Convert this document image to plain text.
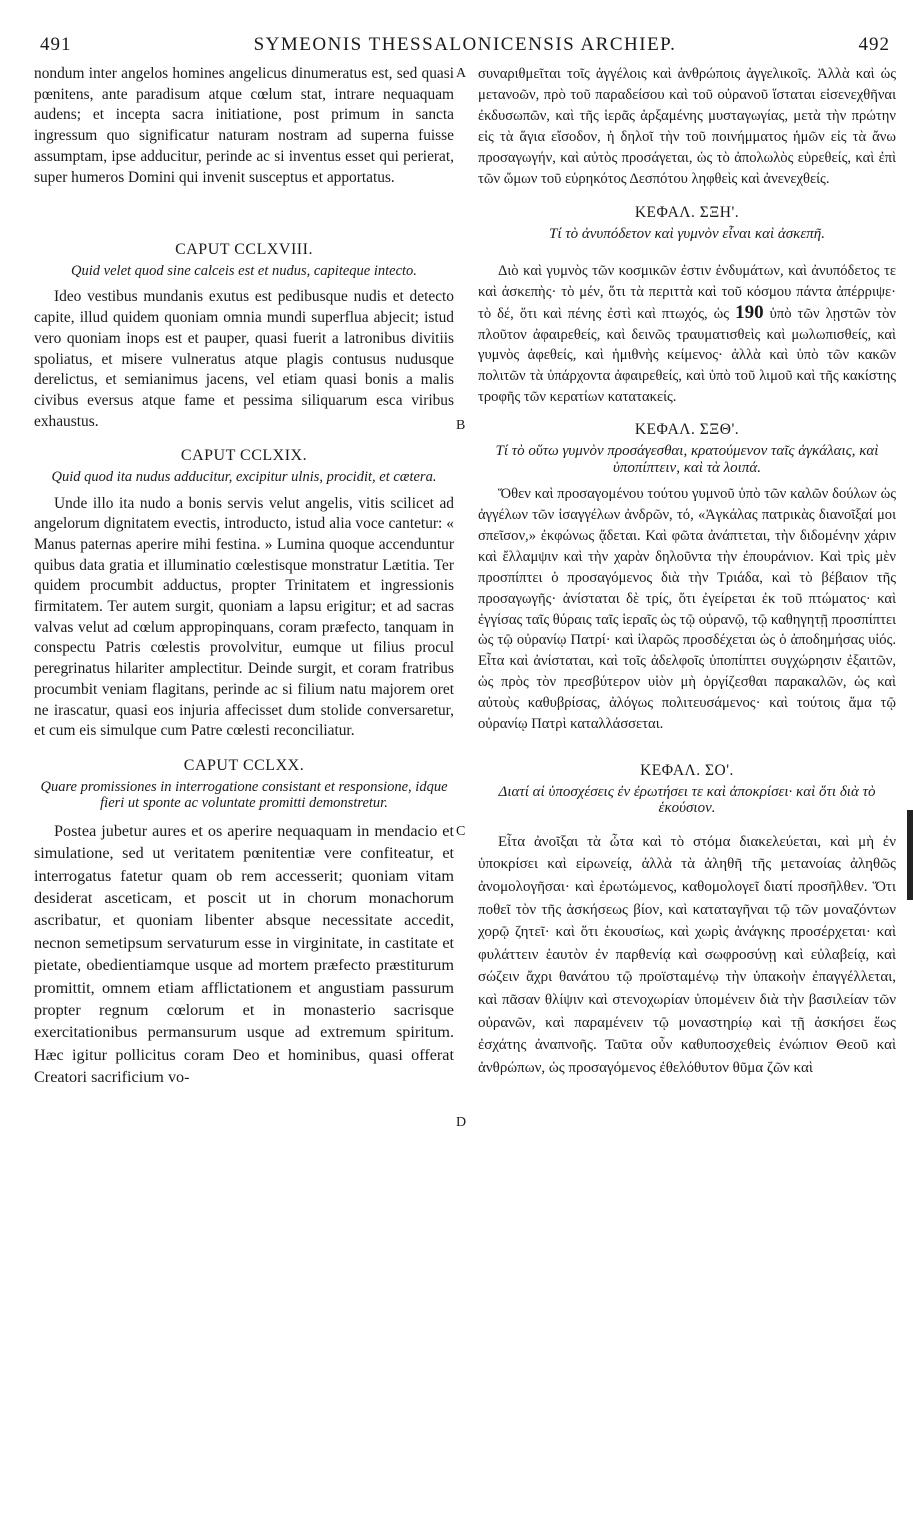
491	SYMEONIS THESSALONICENSIS ARCHIEP.	492
A
B
C
D

nondum inter angelos homines angelicus dinumeratus est, sed quasi pœnitens, ante paradisum atque cœlum stat, intrare nequaquam audens; et incepta sacra initiatione, post primum in sancta ingressum quo significatur naturam nostram ad superna fuisse assumptam, ipse adducitur, perinde ac si inventus esset qui perierat, super humeros Domini qui invenit susceptus et apportatus.

CAPUT CCLXVIII.
Quid velet quod sine calceis est et nudus, capiteque intecto.

Ideo vestibus mundanis exutus est pedibusque nudis et detecto capite, illud quidem quoniam omnia mundi superflua abjecit; istud vero quoniam inops est et pauper, quasi fuerit a latronibus divitiis spoliatus, et misere vulneratus atque plagis contusus nudusque derelictus, et semianimus jacens, vel etiam quasi bonis a malis civibus eversus atque fame et pessima siliquarum esca viribus exhaustus.

CAPUT CCLXIX.
Quid quod ita nudus adducitur, excipitur ulnis, procidit, et cætera.

Unde illo ita nudo a bonis servis velut angelis, vitis scilicet ad angelorum dignitatem evectis, introducto, istud alia voce cantetur: « Manus paternas aperire mihi festina. » Lumina quoque accenduntur quibus data gratia et illuminatio cœlestisque monstratur Lætitia. Ter quidem procumbit adductus, propter Trinitatem et ingressionis firmitatem. Ter autem surgit, quoniam a lapsu erigitur; et ad sacras valvas velut ad cœlum appropinquans, coram præfecto, tanquam in conspectu Patris cœlestis provolvitur, eumque ut filius procul peregrinatus hilariter amplectitur. Deinde surgit, et coram fratribus procumbit veniam flagitans, perinde ac si filium natu majorem oret ne irascatur, quasi eos injuria affecisset dum stolide conversaretur, et cum eis simulque cum Patre cœlesti reconciliatur.

CAPUT CCLXX.
Quare promissiones in interrogatione consistant et responsione, idque fieri ut sponte ac voluntate promitti demonstretur.

Postea jubetur aures et os aperire nequaquam in mendacio et simulatione, sed ut veritatem pœnitentiæ vere confiteatur, et interrogatus fatetur quam ob rem accesserit; quoniam vitam desiderat asceticam, et poscit ut in chorum monachorum ascribatur, et quoniam libenter absque necessitate accedit, necnon semetipsum servaturum esse in virginitate, in castitate et pietate, obedientiamque usque ad mortem præfecto præstiturum promittit, omnem etiam afflictationem et angustiam passurum propter regnum cœlorum et in monasterio sacrisque exercitationibus permansurum usque ad extremum spiritum. Hæc igitur pollicitus coram Deo et hominibus, quasi offerat Creatori sacrificium vo-

συναριθμεῖται τοῖς ἀγγέλοις καὶ ἀνθρώποις ἀγγελικοῖς. Ἀλλὰ καὶ ὡς μετανοῶν, πρὸ τοῦ παραδείσου καὶ τοῦ οὐρανοῦ ἵσταται εἰσενεχθῆναι ἐκδυσωπῶν, καὶ τῆς ἱερᾶς ἀρξαμένης μυσταγωγίας, μετὰ τὴν πρώτην εἰς τὰ ἅγια εἴσοδον, ἡ δηλοῖ τὴν τοῦ ποινήμματος ἡμῶν εἰς τὰ ἄνω προσαγωγήν, καὶ αὐτὸς προσάγεται, ὡς τὸ ἀπολωλὸς εὑρεθείς, καὶ ἐπὶ τῶν ὤμων τοῦ εὑρηκότος Δεσπότου ληφθεὶς καὶ ἀνενεχθείς.

ΚΕΦΑΛ. ΣΞΗ'.
Τί τὸ ἀνυπόδετον καὶ γυμνὸν εἶναι καὶ ἀσκεπῆ.

Διὸ καὶ γυμνὸς τῶν κοσμικῶν ἐστιν ἐνδυμάτων, καὶ ἀνυπόδετος τε καὶ ἀσκεπὴς· τὸ μέν, ὅτι τὰ περιττὰ καὶ τοῦ κόσμου πάντα ἀπέρριψε· τὸ δέ, ὅτι καὶ πένης ἐστὶ καὶ πτωχός, ὡς 190 ὑπὸ τῶν λῃστῶν τὸν πλοῦτον ἀφαιρεθείς, καὶ δεινῶς τραυματισθεὶς καὶ μωλωπισθείς, καὶ γυμνὸς ἀφεθείς, καὶ ἡμιθνὴς κείμενος· ἀλλὰ καὶ ὑπὸ τῶν κακῶν πολιτῶν τὰ ὑπάρχοντα ἀφαιρεθείς, καὶ ὑπὸ τοῦ λιμοῦ καὶ τῆς κακίστης τροφῆς τῶν κερατίων κατατακείς.

ΚΕΦΑΛ. ΣΞΘ'.
Τί τὸ οὕτω γυμνὸν προσάγεσθαι, κρατούμενον ταῖς ἀγκάλαις, καὶ ὑποπίπτειν, καὶ τὰ λοιπά.

Ὅθεν καὶ προσαγομένου τούτου γυμνοῦ ὑπὸ τῶν καλῶν δούλων ὡς ἀγγέλων τῶν ἰσαγγέλων ἀνδρῶν, τό, «Ἀγκάλας πατρικὰς διανοῖξαί μοι σπεῖσον,» ἐκφώνως ᾄδεται. Καὶ φῶτα ἀνάπτεται, τὴν διδομένην χάριν καὶ ἔλλαμψιν καὶ τὴν χαρὰν δηλοῦντα τὴν ἐπουράνιον. Καὶ τρὶς μὲν προσπίπτει ὁ προσαγόμενος διὰ τὴν Τριάδα, καὶ τὸ βέβαιον τῆς προσαγωγῆς· ἀνίσταται δὲ τρίς, ὅτι ἐγείρεται ἐκ τοῦ πτώματος· καὶ ἐγγίσας ταῖς θύραις ταῖς ἱεραῖς ὡς τῷ οὐρανῷ, τῷ καθηγητῇ προσπίπτει ὡς τῷ οὐρανίῳ Πατρί· καὶ ἱλαρῶς προσδέχεται ὡς ὁ ἀποδημήσας υἱός. Εἶτα καὶ ἀνίσταται, καὶ τοῖς ἀδελφοῖς ὑποπίπτει συγχώρησιν ἐξαιτῶν, ὡς πρὸς τὸν πρεσβύτερον υἱὸν μὴ ὀργίζεσθαι παρακαλῶν, ὡς καὶ αὐτοὺς καθυβρίσας, ἀλόγως πολιτευσάμενος· καὶ τούτοις ἅμα τῷ οὐρανίῳ Πατρὶ καταλλάσσεται.

ΚΕΦΑΛ. ΣΟ'.
Διατί αἱ ὑποσχέσεις ἐν ἐρωτήσει τε καὶ ἀποκρίσει· καὶ ὅτι διὰ τὸ ἑκούσιον.

Εἶτα ἀνοῖξαι τὰ ὦτα καὶ τὸ στόμα διακελεύεται, καὶ μὴ ἐν ὑποκρίσει καὶ εἰρωνείᾳ, ἀλλὰ τὰ ἀληθῆ τῆς μετανοίας ἀληθῶς ἀνομολογῆσαι· καὶ ἐρωτώμενος, καθομολογεῖ διατί προσῆλθεν. Ὅτι ποθεῖ τὸν τῆς ἀσκήσεως βίον, καὶ καταταγῆναι τῷ τῶν μοναζόντων χορῷ ζητεῖ· καὶ ὅτι ἑκουσίως, καὶ χωρὶς ἀνάγκης προσέρχεται· καὶ φυλάττειν ἑαυτὸν ἐν παρθενίᾳ καὶ σωφροσύνῃ καὶ εὐλαβείᾳ, καὶ σώζειν ἄχρι θανάτου τῷ προϊσταμένῳ τὴν ὑπακοὴν ἐπαγγέλλεται, καὶ πᾶσαν θλίψιν καὶ στενοχωρίαν ὑπομένειν διὰ τὴν βασιλείαν τῶν οὐρανῶν, καὶ παραμένειν τῷ μοναστηρίῳ καὶ τῇ ἀσκήσει ἕως ἐσχάτης ἀναπνοῆς. Ταῦτα οὖν καθυποσχεθεὶς ἐνώπιον Θεοῦ καὶ ἀνθρώπων, ὡς προσαγόμενος ἐθελόθυτον θῦμα ζῶν καὶ
